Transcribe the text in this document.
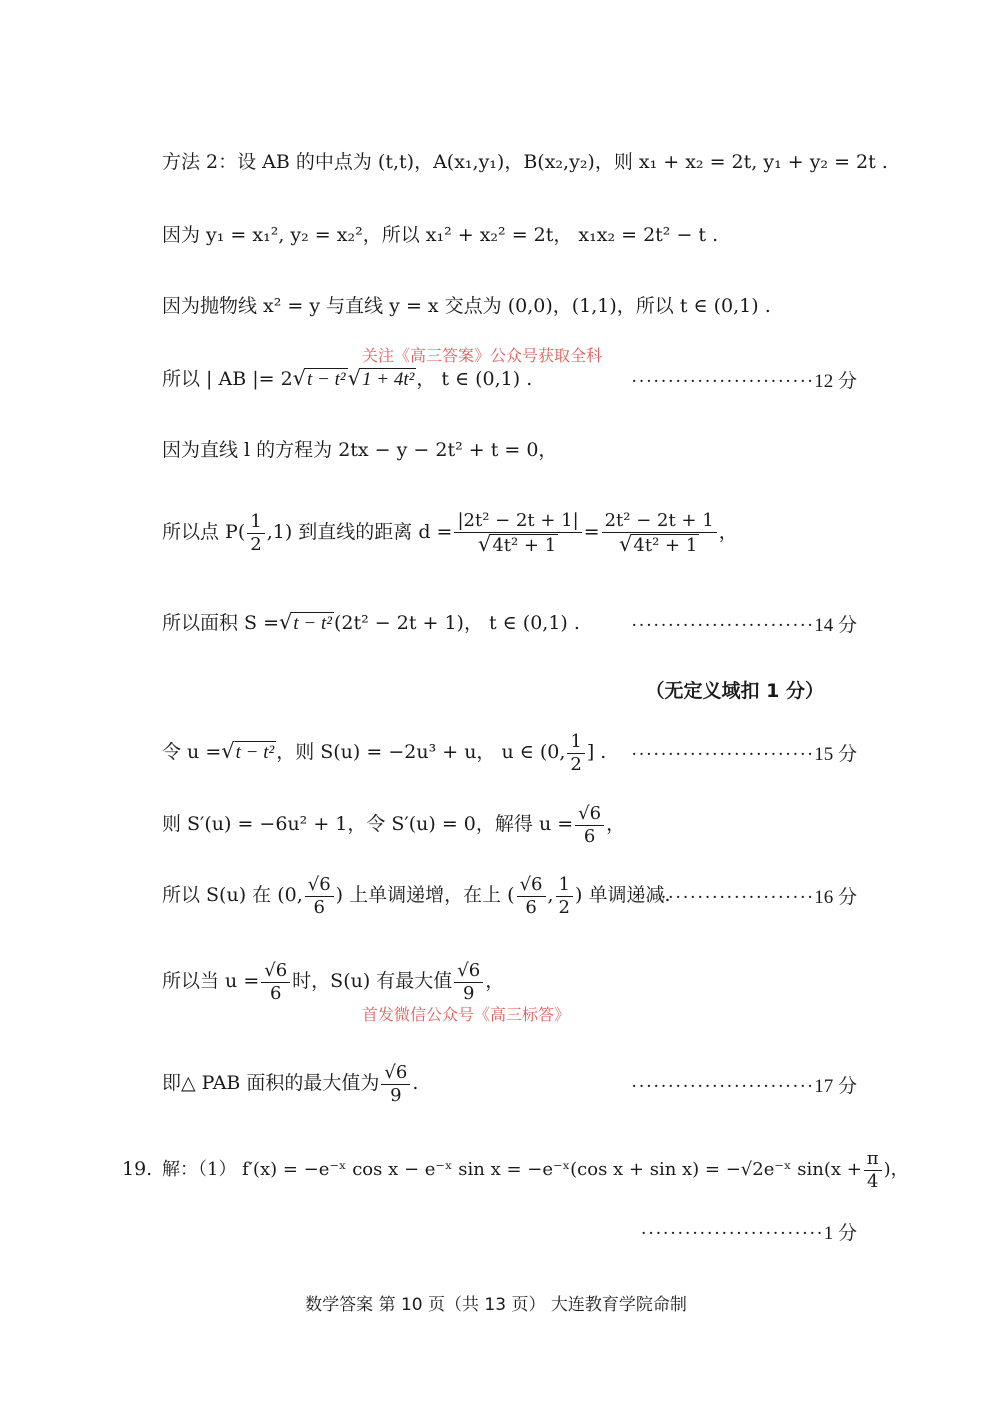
方法 2：设 AB 的中点为 (t,t)，A(x₁,y₁)，B(x₂,y₂)，则 x₁ + x₂ = 2t, y₁ + y₂ = 2t .
因为 y₁ = x₁², y₂ = x₂²，所以 x₁² + x₂² = 2t， x₁x₂ = 2t² − t .
因为抛物线 x² = y 与直线 y = x 交点为 (0,0)，(1,1)，所以 t ∈ (0,1) .
关注《高三答案》公众号获取全科
所以 | AB |= 2√t − t²√1 + 4t² ， t ∈ (0,1) .	·························12 分
因为直线 l 的方程为 2tx − y − 2t² + t = 0，
所以点 $P( \frac{1}{2} ,1)$ 到直线的距离 $d = \frac{\text{|2t² − 2t + 1|}}{\text{√4t² + 1}} = \frac{\text{2t² − 2t + 1}}{\text{√4t² + 1}}$ ，
所以面积 S =√t − t² (2t² − 2t + 1)， t ∈ (0,1) .	·························14 分
（无定义域扣 1 分）
令 u =√t − t² ，则 S(u) = −2u³ + u， u ∈ (0, $\frac{1}{2}$ ] .	·························15 分
则 S′(u) = −6u² + 1，令 S′(u) = 0，解得 $u = \frac{√6}{6}$ ，
所以 S(u) 在 (0, $\frac{√6}{6}$ ) 上单调递增，在上 ( $\frac{√6}{6}$ , $\frac{1}{2}$ ) 单调递减.
·····················16 分
所以当 $u = \frac{√6}{6}$ 时，S(u) 有最大值 $\frac{√6}{9}$ ，
首发微信公众号《高三标答》
即△ PAB 面积的最大值为 $\frac{√6}{9}$ .	·························17 分
19. 解：（1） f′(x) = −e⁻ˣ cos x − e⁻ˣ sin x = −e⁻ˣ(cos x + sin x) = −√2e⁻ˣ $\sin(x + \frac{\pi}{4}$ )，
·························1 分
数学答案 第 10 页（共 13 页） 大连教育学院命制
